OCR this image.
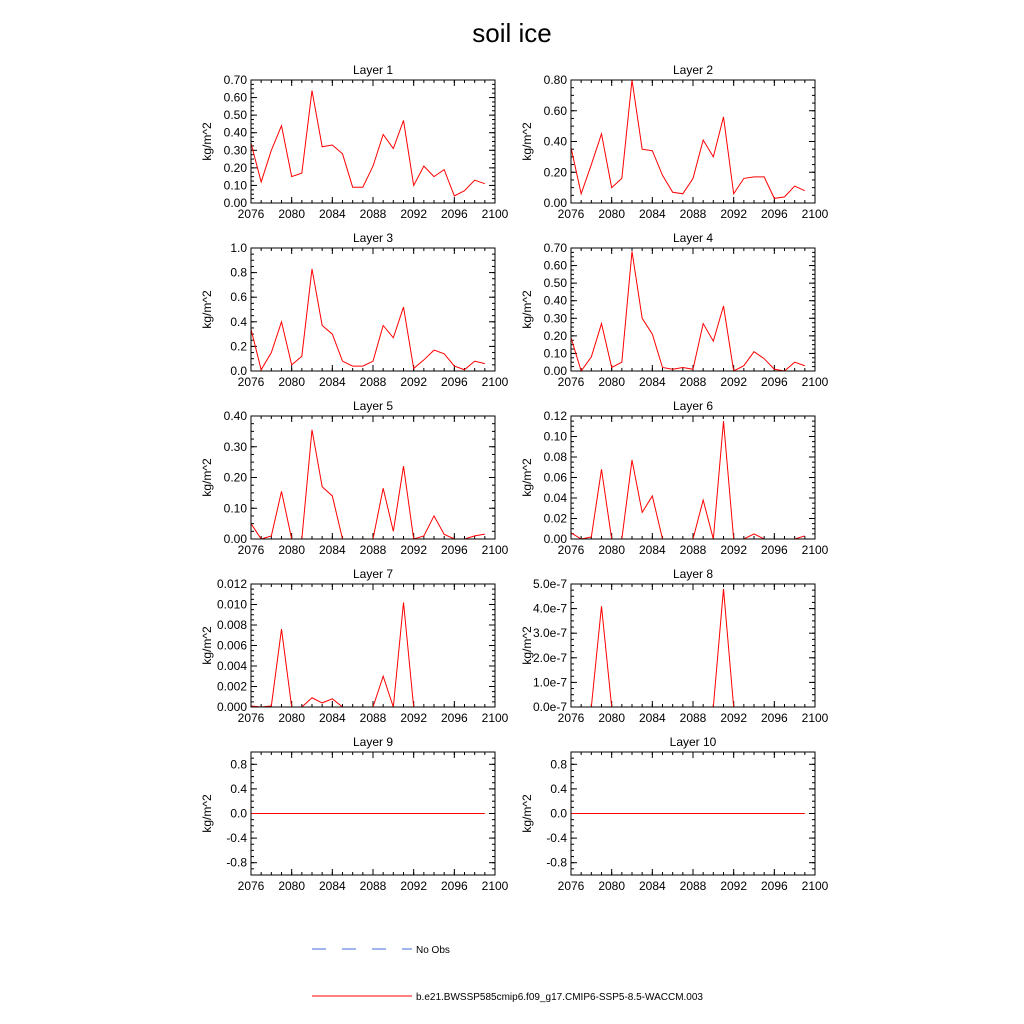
soil ice
Layer 1
kg/m^2
2076 2080 2084 2088 2092 2096 2100
0.00
0.10
0.20
0.30
0.40
0.50
0.60
0.70
Layer 2
kg/m^2
2076 2080 2084 2088 2092 2096 2100
0.00
0.20
0.40
0.60
0.80
Layer 3
kg/m^2
2076 2080 2084 2088 2092 2096 2100
0.0
0.2
0.4
0.6
0.8
1.0
Layer 4
kg/m^2
2076 2080 2084 2088 2092 2096 2100
0.00
0.10
0.20
0.30
0.40
0.50
0.60
0.70
Layer 5
kg/m^2
2076 2080 2084 2088 2092 2096 2100
0.00
0.10
0.20
0.30
0.40
Layer 6
kg/m^2
2076 2080 2084 2088 2092 2096 2100
0.00
0.02
0.04
0.06
0.08
0.10
0.12
Layer 7
kg/m^2
2076 2080 2084 2088 2092 2096 2100
0.000
0.002
0.004
0.006
0.008
0.010
0.012
Layer 8
kg/m^2
2076 2080 2084 2088 2092 2096 2100
0.0e-7
1.0e-7
2.0e-7
3.0e-7
4.0e-7
5.0e-7
Layer 9
kg/m^2
2076 2080 2084 2088 2092 2096 2100
-0.8
-0.4
0.0
0.4
0.8
Layer 10
kg/m^2
2076 2080 2084 2088 2092 2096 2100
-0.8
-0.4
0.0
0.4
0.8
No Obs
b.e21.BWSSP585cmip6.f09_g17.CMIP6-SSP5-8.5-WACCM.003
